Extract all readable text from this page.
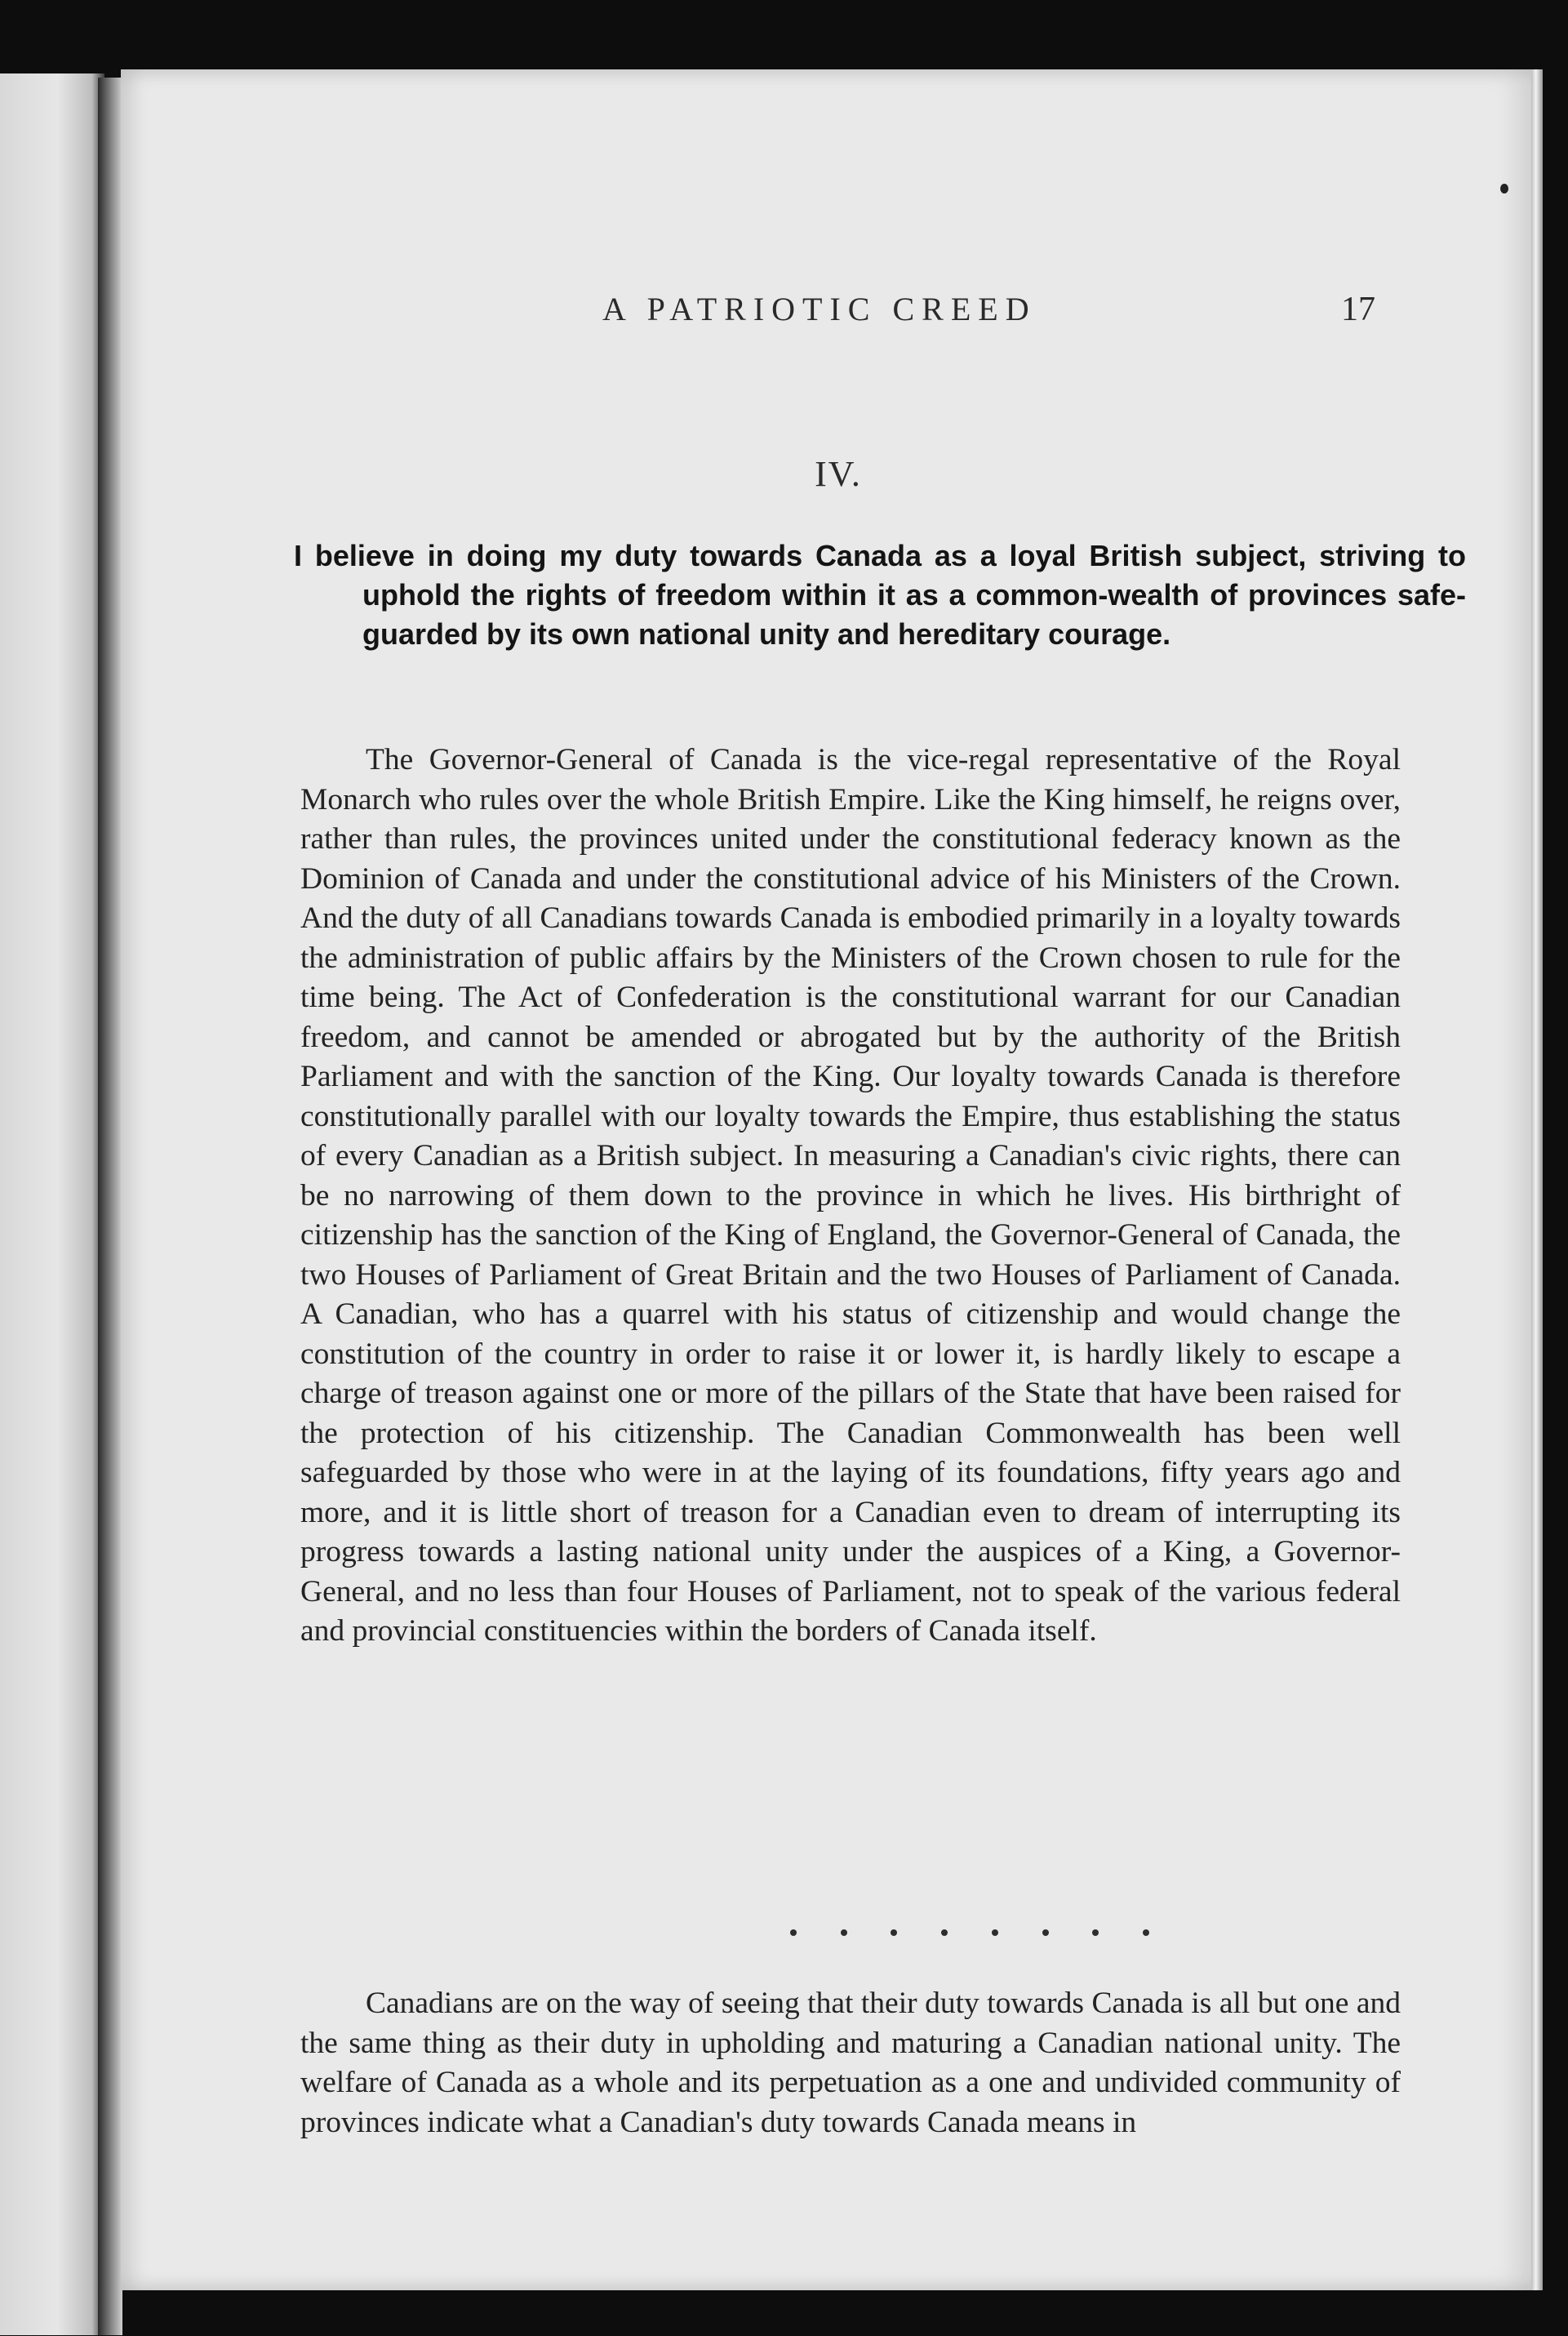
A PATRIOTIC CREED	17
IV.

I believe in doing my duty towards Canada as a loyal British subject, striving to uphold the rights of freedom within it as a common-wealth of provinces safe-guarded by its own national unity and hereditary courage.

The Governor-General of Canada is the vice-regal representative of the Royal Monarch who rules over the whole British Empire. Like the King himself, he reigns over, rather than rules, the provinces united under the constitutional federacy known as the Dominion of Canada and under the constitutional advice of his Ministers of the Crown. And the duty of all Canadians towards Canada is embodied primarily in a loyalty towards the administration of public affairs by the Ministers of the Crown chosen to rule for the time being. The Act of Confederation is the constitutional warrant for our Canadian freedom, and cannot be amended or abrogated but by the authority of the British Parliament and with the sanction of the King. Our loyalty towards Canada is therefore constitutionally parallel with our loyalty towards the Empire, thus establishing the status of every Canadian as a British subject. In measuring a Canadian's civic rights, there can be no narrowing of them down to the province in which he lives. His birthright of citizenship has the sanction of the King of England, the Governor-General of Canada, the two Houses of Parliament of Great Britain and the two Houses of Parliament of Canada. A Canadian, who has a quarrel with his status of citizenship and would change the constitution of the country in order to raise it or lower it, is hardly likely to escape a charge of treason against one or more of the pillars of the State that have been raised for the protection of his citizenship. The Canadian Commonwealth has been well safeguarded by those who were in at the laying of its foundations, fifty years ago and more, and it is little short of treason for a Canadian even to dream of interrupting its progress towards a lasting national unity under the auspices of a King, a Governor-General, and no less than four Houses of Parliament, not to speak of the various federal and provincial constituencies within the borders of Canada itself.

Canadians are on the way of seeing that their duty towards Canada is all but one and the same thing as their duty in upholding and maturing a Canadian national unity. The welfare of Canada as a whole and its perpetuation as a one and undivided community of provinces indicate what a Canadian's duty towards Canada means in
